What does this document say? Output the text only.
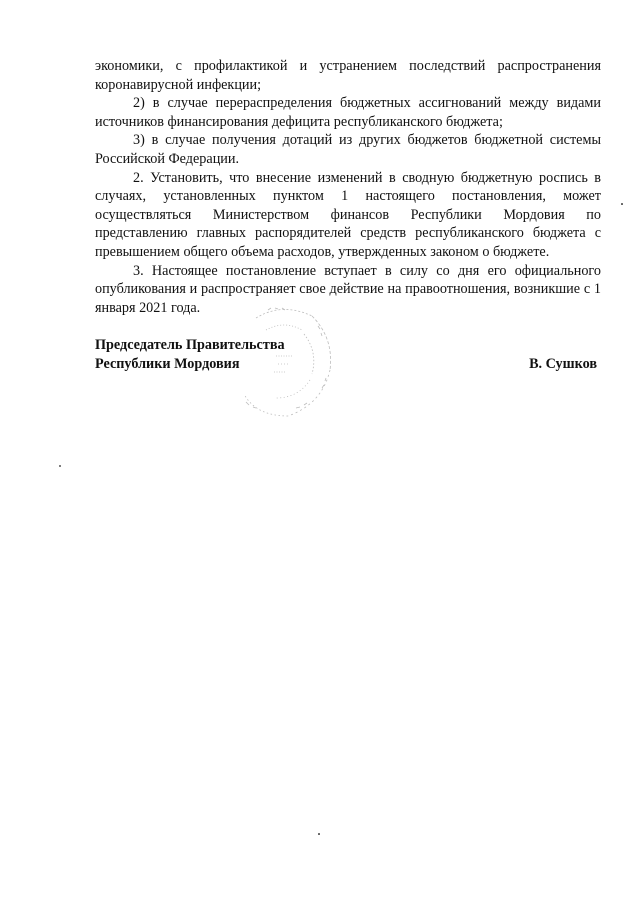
экономики, с профилактикой и устранением последствий распространения коронавирусной инфекции;

2) в случае перераспределения бюджетных ассигнований между видами источников финансирования дефицита республиканского бюджета;

3) в случае получения дотаций из других бюджетов бюджетной системы Российской Федерации.

2. Установить, что внесение изменений в сводную бюджетную роспись в случаях, установленных пунктом 1 настоящего постановления, может осуществляться Министерством финансов Республики Мордовия по представлению главных распорядителей средств республиканского бюджета с превышением общего объема расходов, утвержденных законом о бюджете.

3. Настоящее постановление вступает в силу со дня его официального опубликования и распространяет свое действие на правоотношения, возникшие с 1 января 2021 года.

Председатель Правительства
Республики Мордовия	В. Сушков
